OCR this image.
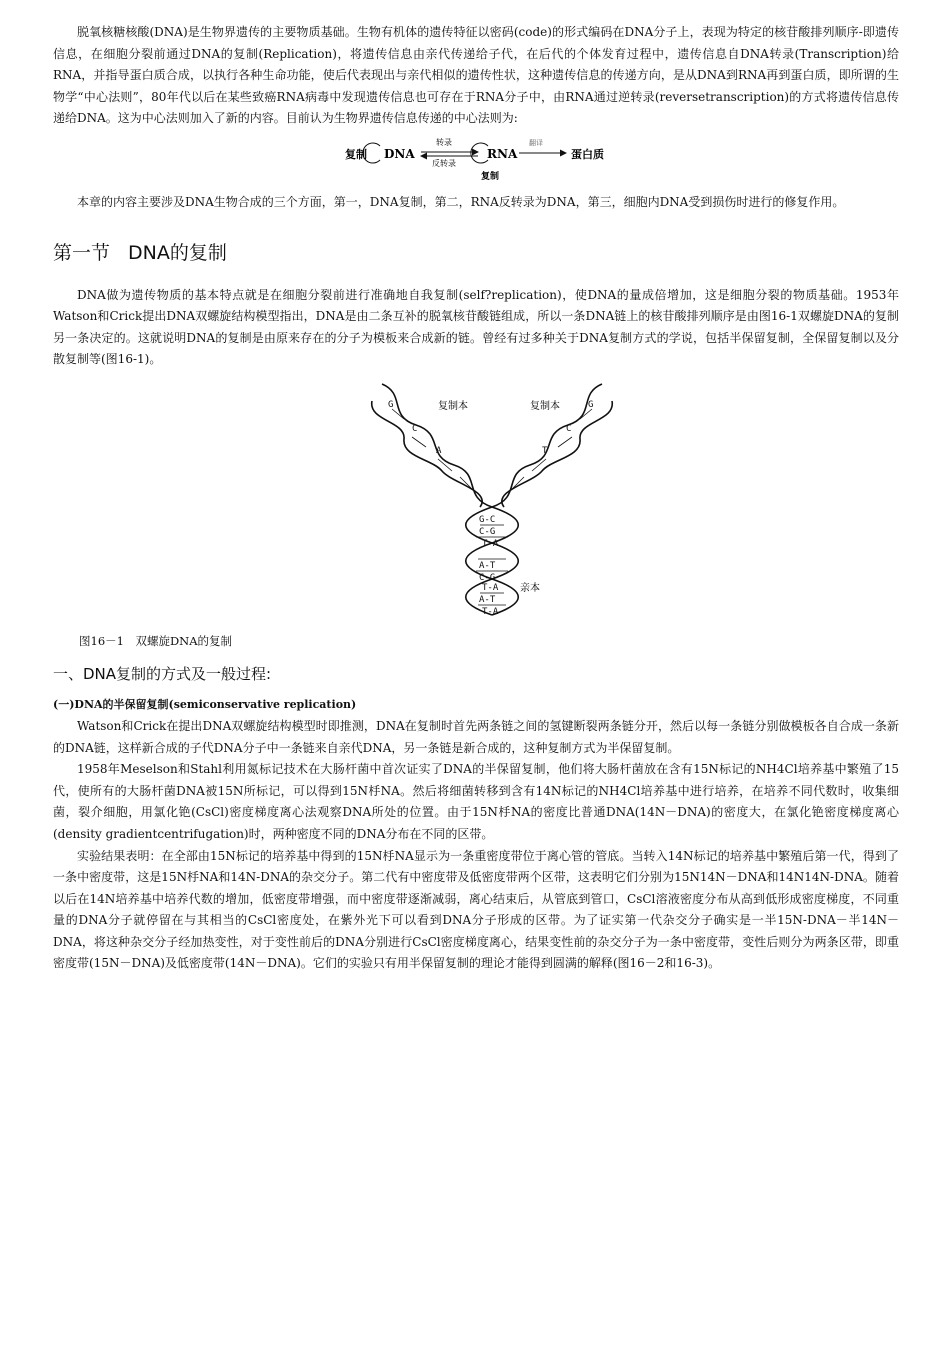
脱氧核糖核酸(DNA)是生物界遗传的主要物质基础。生物有机体的遗传特征以密码(code)的形式编码在DNA分子上，表现为特定的核苷酸排列顺序-即遗传信息，在细胞分裂前通过DNA的复制(Replication)，将遗传信息由亲代传递给子代，在后代的个体发育过程中，遗传信息自DNA转录(Transcription)给RNA，并指导蛋白质合成，以执行各种生命功能，使后代表现出与亲代相似的遗传性状，这种遗传信息的传递方向，是从DNA到RNA再到蛋白质，即所谓的生物学“中心法则”，80年代以后在某些致癌RNA病毒中发现遗传信息也可存在于RNA分子中，由RNA通过逆转录(reversetranscription)的方式将遗传信息传递给DNA。这为中心法则加入了新的内容。目前认为生物界遗传信息传递的中心法则为:

复制 DNA
转录
反转录
RNA
翻译
蛋白质
复制

本章的内容主要涉及DNA生物合成的三个方面，第一，DNA复制，第二，RNA反转录为DNA，第三，细胞内DNA受到损伤时进行的修复作用。

第一节 DNA的复制

DNA做为遗传物质的基本特点就是在细胞分裂前进行准确地自我复制(self?replication)，使DNA的量成倍增加，这是细胞分裂的物质基础。1953年Watson和Crick提出DNA双螺旋结构模型指出，DNA是由二条互补的脱氧核苷酸链组成，所以一条DNA链上的核苷酸排列顺序是由图16-1双螺旋DNA的复制另一条决定的。这就说明DNA的复制是由原来存在的分子为模板来合成新的链。曾经有过多种关于DNA复制方式的学说，包括半保留复制，全保留复制以及分散复制等(图16-1)。

G
C
A	T
C
G
G-C
C-G
T-A
A-T
C-G
T-A
A-T
T-A
复制本	复制本
亲本

图16－1　双螺旋DNA的复制

一、DNA复制的方式及一般过程:

(一)DNA的半保留复制(semiconservative replication)

Watson和Crick在提出DNA双螺旋结构模型时即推测，DNA在复制时首先两条链之间的氢键断裂两条链分开，然后以每一条链分别做模板各自合成一条新的DNA链，这样新合成的子代DNA分子中一条链来自亲代DNA，另一条链是新合成的，这种复制方式为半保留复制。

1958年Meselson和Stahl利用氮标记技术在大肠杆菌中首次证实了DNA的半保留复制，他们将大肠杆菌放在含有15N标记的NH4Cl培养基中繁殖了15代，使所有的大肠杆菌DNA被15N所标记，可以得到15N杽NA。然后将细菌转移到含有14N标记的NH4Cl培养基中进行培养，在培养不同代数时，收集细菌，裂介细胞，用氯化铯(CsCl)密度梯度离心法观察DNA所处的位置。由于15N杽NA的密度比普通DNA(14N－DNA)的密度大，在氯化铯密度梯度离心(density gradientcentrifugation)时，两种密度不同的DNA分布在不同的区带。

实验结果表明：在全部由15N标记的培养基中得到的15N杽NA显示为一条重密度带位于离心管的管底。当转入14N标记的培养基中繁殖后第一代，得到了一条中密度带，这是15N杽NA和14N-DNA的杂交分子。第二代有中密度带及低密度带两个区带，这表明它们分别为15N14N－DNA和14N14N-DNA。随着以后在14N培养基中培养代数的增加，低密度带增强，而中密度带逐渐减弱，离心结束后，从管底到管口，CsCl溶液密度分布从高到低形成密度梯度，不同重量的DNA分子就停留在与其相当的CsCl密度处，在紫外光下可以看到DNA分子形成的区带。为了证实第一代杂交分子确实是一半15N-DNA－半14N－DNA，将这种杂交分子经加热变性，对于变性前后的DNA分别进行CsCl密度梯度离心，结果变性前的杂交分子为一条中密度带，变性后则分为两条区带，即重密度带(15N－DNA)及低密度带(14N－DNA)。它们的实验只有用半保留复制的理论才能得到圆满的解释(图16－2和16-3)。
